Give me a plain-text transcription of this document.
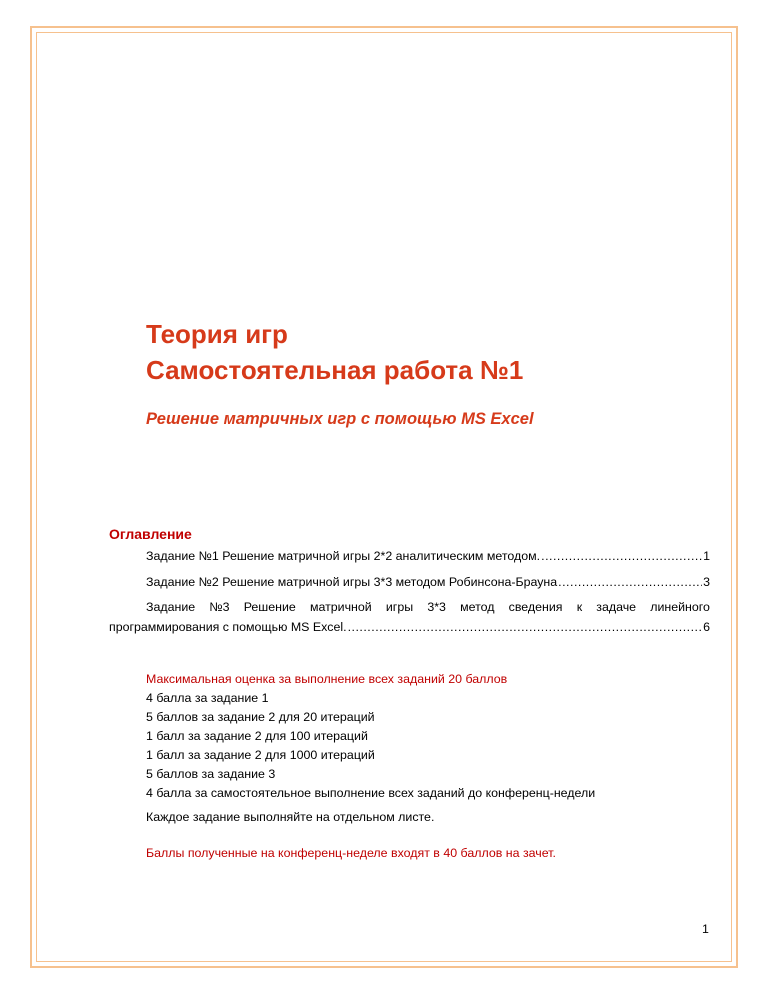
Теория игр
Самостоятельная работа №1
Решение матричных игр с помощью MS Excel
Оглавление
Задание №1 Решение матричной игры 2*2 аналитическим методом. .....	1
Задание №2 Решение матричной игры 3*3 методом Робинсона-Брауна .....	3
Задание №3 Решение матричной игры 3*3 метод сведения к задаче линейного
программирования с помощью MS Excel. .....	6
Максимальная оценка за выполнение всех заданий 20 баллов
4 балла за задание 1
5 баллов за задание 2 для 20 итераций
1 балл за задание 2 для 100 итераций
1 балл за задание 2 для 1000 итераций
5 баллов за задание 3
4 балла за самостоятельное выполнение всех заданий до конференц-недели
Каждое задание выполняйте на отдельном листе.
Баллы полученные на конференц-неделе входят в 40 баллов на зачет.
1
